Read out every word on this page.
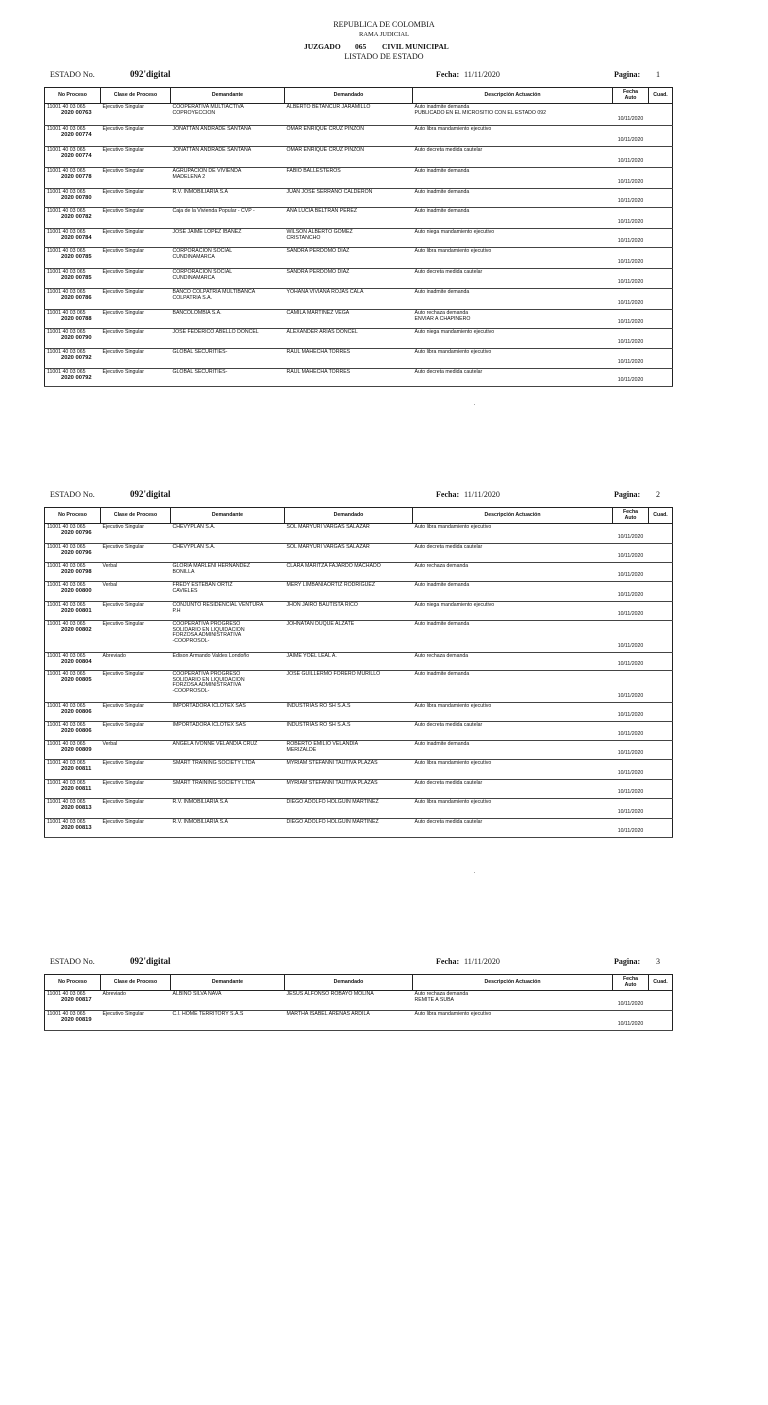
REPUBLICA DE COLOMBIA
RAMA JUDICIAL
JUZGADO 065 CIVIL MUNICIPAL
LISTADO DE ESTADO
ESTADO No.	092'digital	Fecha: 11/11/2020	Pagina: 1
No Proceso	Clase de Proceso	Demandante	Demandado	Descripción Actuación	Fecha Auto	Cuad.

11001 40 03 065
2020 00763	Ejecutivo Singular	COOPERATIVA MULTIACTIVA
COPROYECCION	ALBERTO BETANCUR JARAMILLO	Auto inadmite demanda
PUBLICADO EN EL MICROSITIO CON EL ESTADO 092	10/11/2020	

11001 40 03 065
2020 00774	Ejecutivo Singular	JONATTAN ANDRADE SANTANA	OMAR ENRIQUE CRUZ PINZON	Auto libra mandamiento ejecutivo	10/11/2020	

11001 40 03 065
2020 00774	Ejecutivo Singular	JONATTAN ANDRADE SANTANA	OMAR ENRIQUE CRUZ PINZON	Auto decreta medida cautelar	10/11/2020	

11001 40 03 065
2020 00778	Ejecutivo Singular	AGRUPACION DE VIVIENDA
MADELENA 2	FABIO BALLESTEROS	Auto inadmite demanda	10/11/2020	

11001 40 03 065
2020 00780	Ejecutivo Singular	R.V. INMOBILIARIA S.A	JUAN JOSE SERRANO CALDERON	Auto inadmite demanda	10/11/2020	

11001 40 03 065
2020 00782	Ejecutivo Singular	Caja de la Vivienda Popular - CVP -	ANA LUCIA BELTRAN PEREZ	Auto inadmite demanda	10/11/2020	

11001 40 03 065
2020 00784	Ejecutivo Singular	JOSE JAIME LOPEZ IBAÑEZ	WILSON ALBERTO GOMEZ
CRISTANCHO	Auto niega mandamiento ejecutivo	10/11/2020	

11001 40 03 065
2020 00785	Ejecutivo Singular	CORPORACION SOCIAL
CUNDINAMARCA	SANDRA PERDOMO DIAZ	Auto libra mandamiento ejecutivo	10/11/2020	

11001 40 03 065
2020 00785	Ejecutivo Singular	CORPORACION SOCIAL
CUNDINAMARCA	SANDRA PERDOMO DIAZ	Auto decreta medida cautelar	10/11/2020	

11001 40 03 065
2020 00786	Ejecutivo Singular	BANCO COLPATRIA MULTIBANCA
COLPATRIA S.A.	YOHANA VIVIANA ROJAS CALA	Auto inadmite demanda	10/11/2020	

11001 40 03 065
2020 00788	Ejecutivo Singular	BANCOLOMBIA S.A.	CAMILA MARTINEZ VEGA	Auto rechaza demanda
ENVIAR A CHAPINERO	10/11/2020	

11001 40 03 065
2020 00790	Ejecutivo Singular	JOSE FEDERICO ABELLO DONCEL	ALEXANDER ARIAS DONCEL	Auto niega mandamiento ejecutivo	10/11/2020	

11001 40 03 065
2020 00792	Ejecutivo Singular	GLOBAL SECURITIES-	RAUL MAHECHA TORRES	Auto libra mandamiento ejecutivo	10/11/2020	

11001 40 03 065
2020 00792	Ejecutivo Singular	GLOBAL SECURITIES-	RAUL MAHECHA TORRES	Auto decreta medida cautelar	10/11/2020	
ESTADO No.	092'digital	Fecha: 11/11/2020	Pagina: 2
No Proceso	Clase de Proceso	Demandante	Demandado	Descripción Actuación	Fecha Auto	Cuad.

11001 40 03 065
2020 00796	Ejecutivo Singular	CHEVYPLAN S.A.	SOL MARYURI VARGAS SALAZAR	Auto libra mandamiento ejecutivo	10/11/2020	

11001 40 03 065
2020 00796	Ejecutivo Singular	CHEVYPLAN S.A.	SOL MARYURI VARGAS SALAZAR	Auto decreta medida cautelar	10/11/2020	

11001 40 03 065
2020 00798	Verbal	GLORIA MARLENI HERNANDEZ
BONILLA	CLARA MARITZA FAJARDO MACHADO	Auto rechaza demanda	10/11/2020	

11001 40 03 065
2020 00800	Verbal	FREDY ESTEBAN ORTIZ
CAVIELES	MERY LIMBANIAORTIZ RODRIGUEZ	Auto inadmite demanda	10/11/2020	

11001 40 03 065
2020 00801	Ejecutivo Singular	CONJUNTO RESIDENCIAL VENTURA
P.H	JHON JAIRO BAUTISTA RICO	Auto niega mandamiento ejecutivo	10/11/2020	

11001 40 03 065
2020 00802	Ejecutivo Singular	COOPERATIVA PROGRESO
SOLIDARIO EN LIQUIDACION
FORZOSA ADMINISTRATIVA
-COOPROSOL-	JOHNATAN DUQUE ALZATE	Auto inadmite demanda	10/11/2020	

11001 40 03 065
2020 00804	Abreviado	Edison Armando Valdes Londoño	JAIME YOEL LEAL A.	Auto rechaza demanda	10/11/2020	

11001 40 03 065
2020 00805	Ejecutivo Singular	COOPERATIVA PROGRESO
SOLIDARIO EN LIQUIDACION
FORZOSA ADMINISTRATIVA
-COOPROSOL-	JOSE GUILLERMO FORERO MURILLO	Auto inadmite demanda	10/11/2020	

11001 40 03 065
2020 00806	Ejecutivo Singular	IMPORTADORA ICLOTEX SAS	INDUSTRIAS RO SH S.A.S	Auto libra mandamiento ejecutivo	10/11/2020	

11001 40 03 065
2020 00806	Ejecutivo Singular	IMPORTADORA ICLOTEX SAS	INDUSTRIAS RO SH S.A.S	Auto decreta medida cautelar	10/11/2020	

11001 40 03 065
2020 00809	Verbal	ANGELA IVONNE VELANDIA CRUZ	ROBERTO EMILIO VELANDIA
MERIZALDE	Auto inadmite demanda	10/11/2020	

11001 40 03 065
2020 00811	Ejecutivo Singular	SMART TRAINING SOCIETY LTDA	MYRIAM STEFANNI TAUTIVA PLAZAS	Auto libra mandamiento ejecutivo	10/11/2020	

11001 40 03 065
2020 00811	Ejecutivo Singular	SMART TRAINING SOCIETY LTDA	MYRIAM STEFANNI TAUTIVA PLAZAS	Auto decreta medida cautelar	10/11/2020	

11001 40 03 065
2020 00813	Ejecutivo Singular	R.V. INMOBILIARIA S.A	DIEGO ADOLFO HOLGUIN MARTINEZ	Auto libra mandamiento ejecutivo	10/11/2020	

11001 40 03 065
2020 00813	Ejecutivo Singular	R.V. INMOBILIARIA S.A	DIEGO ADOLFO HOLGUIN MARTINEZ	Auto decreta medida cautelar	10/11/2020	
ESTADO No.	092'digital	Fecha: 11/11/2020	Pagina: 3
No Proceso	Clase de Proceso	Demandante	Demandado	Descripción Actuación	Fecha Auto	Cuad.

11001 40 03 065
2020 00817	Abreviado	ALBINO SILVA NAVA	JESUS ALFONSO ROBAYO MOLINA	Auto rechaza demanda
REMITE A SUBA	10/11/2020	

11001 40 03 065
2020 00819	Ejecutivo Singular	C.I. HOME TERRITORY S.A.S	MARTHA ISABEL ARENAS ARDILA	Auto libra mandamiento ejecutivo	10/11/2020	
